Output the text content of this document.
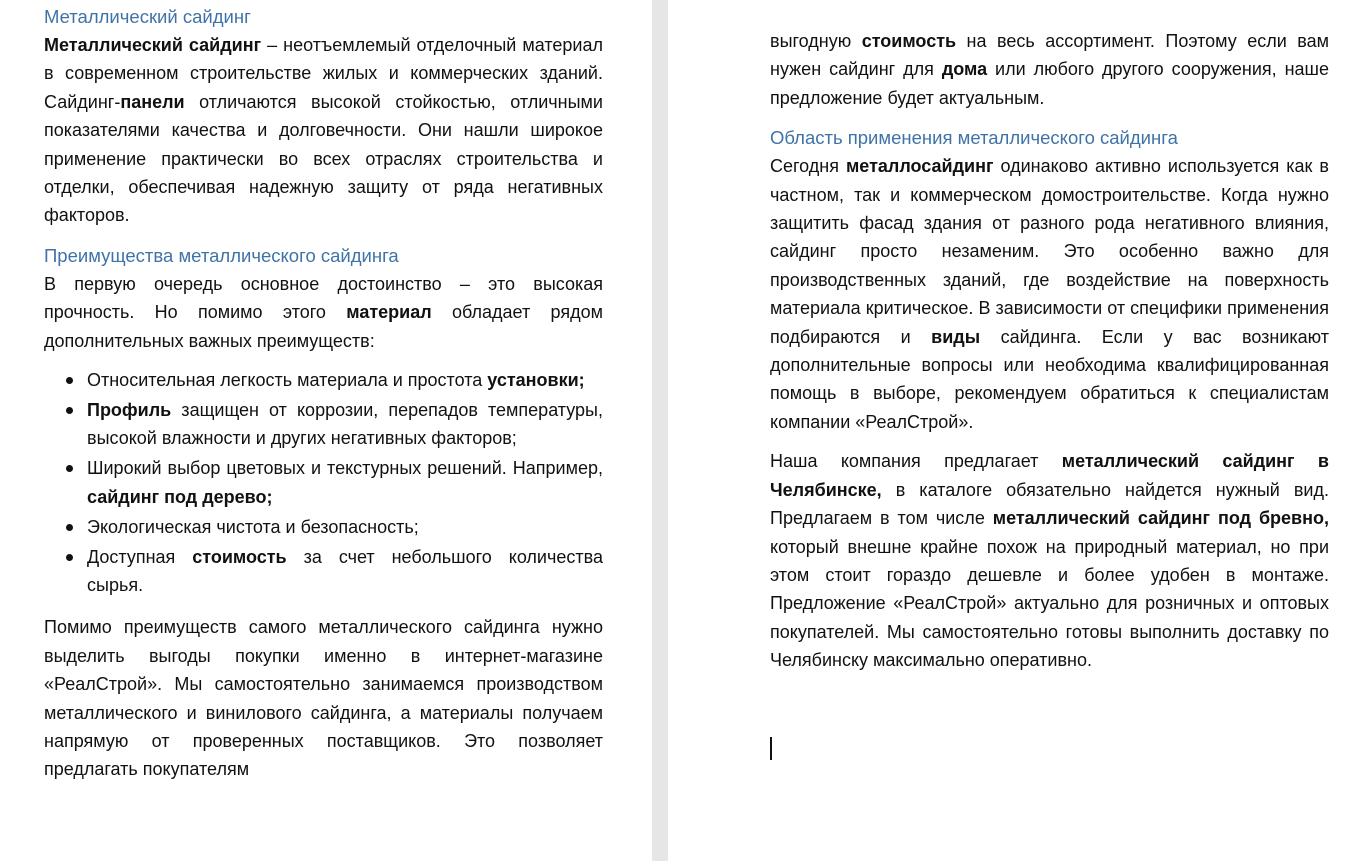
Металлический сайдинг

Металлический сайдинг – неотъемлемый отделочный материал в современном строительстве жилых и коммерческих зданий. Сайдинг-панели отличаются высокой стойкостью, отличными показателями качества и долговечности. Они нашли широкое применение практически во всех отраслях строительства и отделки, обеспечивая надежную защиту от ряда негативных факторов.

Преимущества металлического сайдинга

В первую очередь основное достоинство – это высокая прочность. Но помимо этого материал обладает рядом дополнительных важных преимуществ:

Относительная легкость материала и простота установки;
Профиль защищен от коррозии, перепадов температуры, высокой влажности и других негативных факторов;
Широкий выбор цветовых и текстурных решений. Например, сайдинг под дерево;
Экологическая чистота и безопасность;
Доступная стоимость за счет небольшого количества сырья.

Помимо преимуществ самого металлического сайдинга нужно выделить выгоды покупки именно в интернет-магазине «РеалСтрой». Мы самостоятельно занимаемся производством металлического и винилового сайдинга, а материалы получаем напрямую от проверенных поставщиков. Это позволяет предлагать покупателям

выгодную стоимость на весь ассортимент. Поэтому если вам нужен сайдинг для дома или любого другого сооружения, наше предложение будет актуальным.

Область применения металлического сайдинга

Сегодня металлосайдинг одинаково активно используется как в частном, так и коммерческом домостроительстве. Когда нужно защитить фасад здания от разного рода негативного влияния, сайдинг просто незаменим. Это особенно важно для производственных зданий, где воздействие на поверхность материала критическое. В зависимости от специфики применения подбираются и виды сайдинга. Если у вас возникают дополнительные вопросы или необходима квалифицированная помощь в выборе, рекомендуем обратиться к специалистам компании «РеалСтрой».

Наша компания предлагает металлический сайдинг в Челябинске, в каталоге обязательно найдется нужный вид. Предлагаем в том числе металлический сайдинг под бревно, который внешне крайне похож на природный материал, но при этом стоит гораздо дешевле и более удобен в монтаже. Предложение «РеалСтрой» актуально для розничных и оптовых покупателей. Мы самостоятельно готовы выполнить доставку по Челябинску максимально оперативно.
